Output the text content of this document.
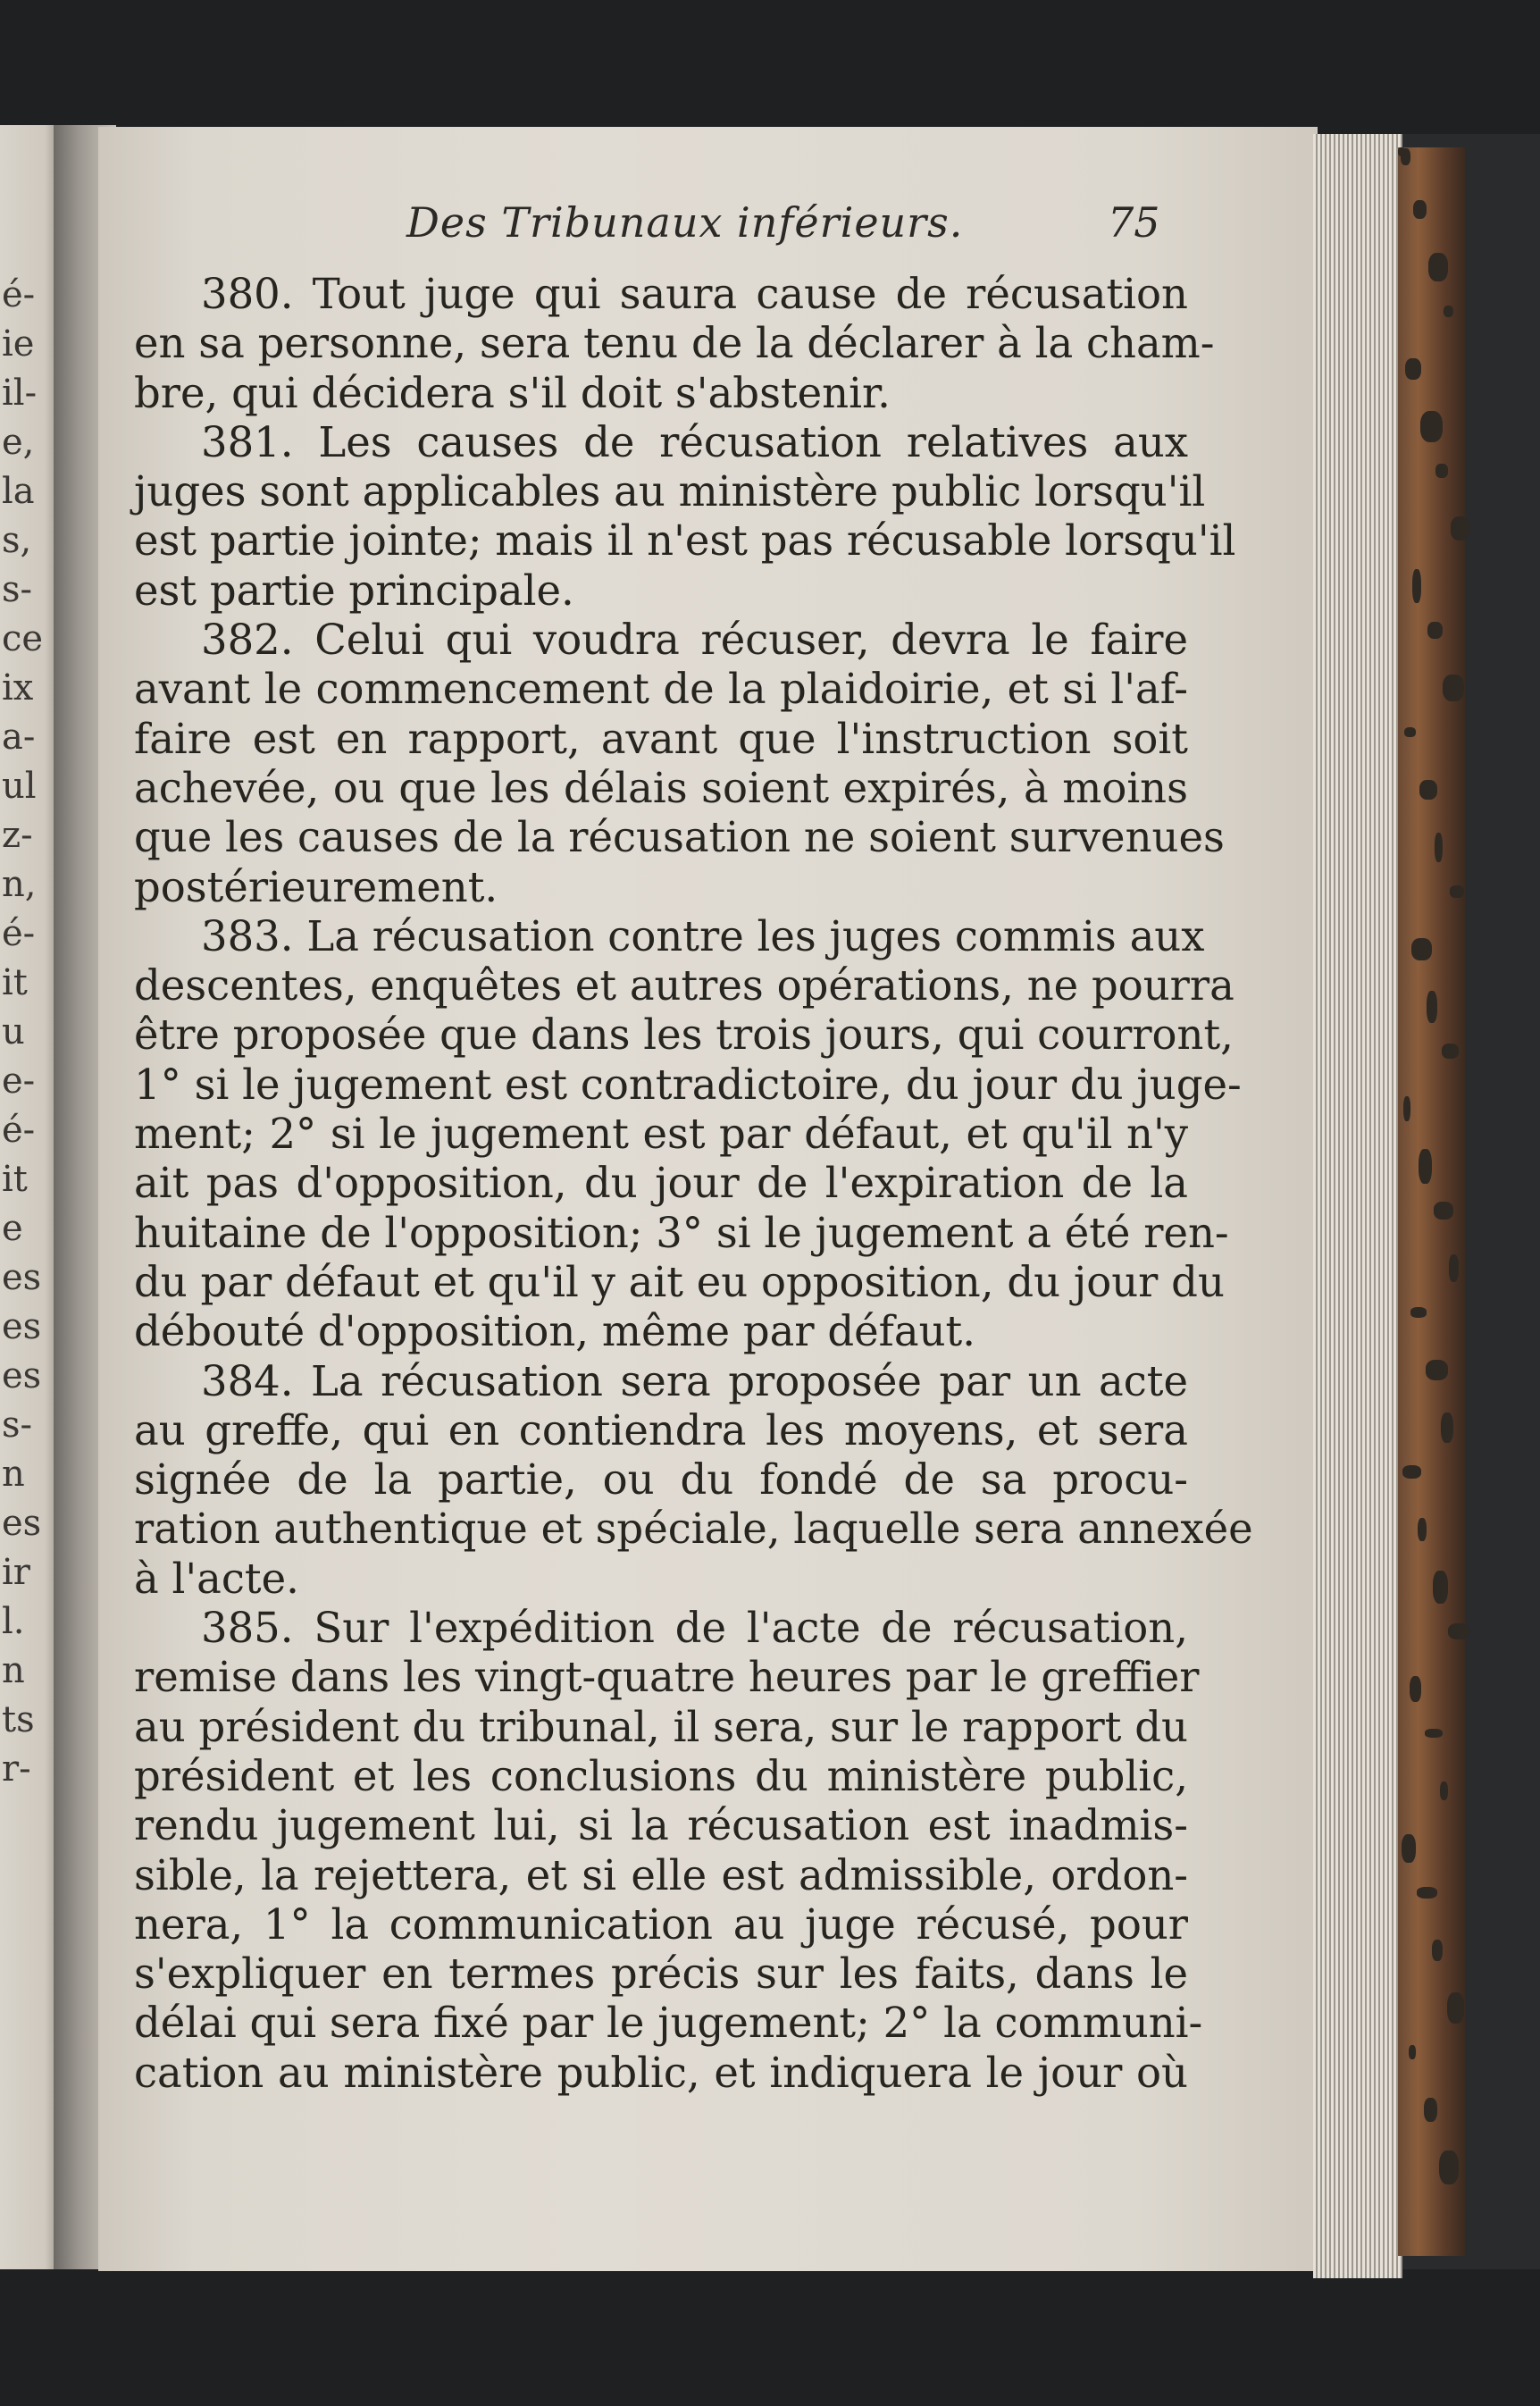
é-
ie
il-
e,
la
s,
s-
ce
ix
a-
ul
z-
n,
é-
it
u
e-
é-
it
e
es
es
es
s-
n
es
ir
l.
n
ts
r-
Des Tribunaux inférieurs.	75
380. Tout juge qui saura cause de récusation
en sa personne, sera tenu de la déclarer à la cham-
bre, qui décidera s'il doit s'abstenir.
381. Les causes de récusation relatives aux
juges sont applicables au ministère public lorsqu'il
est partie jointe; mais il n'est pas récusable lorsqu'il
est partie principale.
382. Celui qui voudra récuser, devra le faire
avant le commencement de la plaidoirie, et si l'af-
faire est en rapport, avant que l'instruction soit
achevée, ou que les délais soient expirés, à moins
que les causes de la récusation ne soient survenues
postérieurement.
383. La récusation contre les juges commis aux
descentes, enquêtes et autres opérations, ne pourra
être proposée que dans les trois jours, qui courront,
1° si le jugement est contradictoire, du jour du juge-
ment; 2° si le jugement est par défaut, et qu'il n'y
ait pas d'opposition, du jour de l'expiration de la
huitaine de l'opposition; 3° si le jugement a été ren-
du par défaut et qu'il y ait eu opposition, du jour du
débouté d'opposition, même par défaut.
384. La récusation sera proposée par un acte
au greffe, qui en contiendra les moyens, et sera
signée de la partie, ou du fondé de sa procu-
ration authentique et spéciale, laquelle sera annexée
à l'acte.
385. Sur l'expédition de l'acte de récusation,
remise dans les vingt-quatre heures par le greffier
au président du tribunal, il sera, sur le rapport du
président et les conclusions du ministère public,
rendu jugement lui, si la récusation est inadmis-
sible, la rejettera, et si elle est admissible, ordon-
nera, 1° la communication au juge récusé, pour
s'expliquer en termes précis sur les faits, dans le
délai qui sera fixé par le jugement; 2° la communi-
cation au ministère public, et indiquera le jour où
